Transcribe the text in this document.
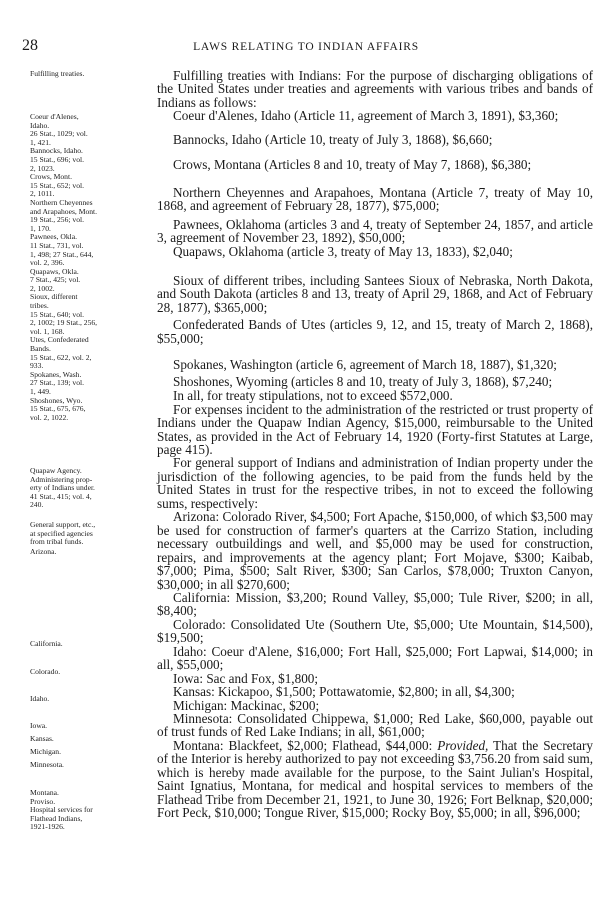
28	LAWS RELATING TO INDIAN AFFAIRS
Fulfilling treaties.
Coeur d'Alenes,
Idaho.
26 Stat., 1029; vol.
1, 421.
Bannocks, Idaho.
15 Stat., 696; vol.
2, 1023.
Crows, Mont.
15 Stat., 652; vol.
2, 1011.
Northern Cheyennes
and Arapahoes, Mont.
19 Stat., 256; vol.
1, 170.
Pawnees, Okla.
11 Stat., 731, vol.
1, 498; 27 Stat., 644,
vol. 2, 396.
Quapaws, Okla.
7 Stat., 425; vol.
2, 1002.
Sioux, different
tribes.
15 Stat., 640; vol.
2, 1002; 19 Stat., 256,
vol. 1, 168.
Utes, Confederated
Bands.
15 Stat., 622, vol. 2,
933.
Spokanes, Wash.
27 Stat., 139; vol.
1, 449.
Shoshones, Wyo.
15 Stat., 675, 676,
vol. 2, 1022.
Quapaw Agency.
Administering prop-
erty of Indians under.
41 Stat., 415; vol. 4,
240.
General support, etc.,
at specified agencies
from tribal funds.
Arizona.
California.
Colorado.
Idaho.
Iowa.
Kansas.
Michigan.
Minnesota.
Montana.
Proviso.
Hospital services for
Flathead Indians,
1921-1926.
Fulfilling treaties with Indians: For the purpose of discharging obligations of the United States under treaties and agreements with various tribes and bands of Indians as follows:
Coeur d'Alenes, Idaho (Article 11, agreement of March 3, 1891), $3,360;
Bannocks, Idaho (Article 10, treaty of July 3, 1868), $6,660;
Crows, Montana (Articles 8 and 10, treaty of May 7, 1868), $6,380;
Northern Cheyennes and Arapahoes, Montana (Article 7, treaty of May 10, 1868, and agreement of February 28, 1877), $75,000;
Pawnees, Oklahoma (articles 3 and 4, treaty of September 24, 1857, and article 3, agreement of November 23, 1892), $50,000;
Quapaws, Oklahoma (article 3, treaty of May 13, 1833), $2,040;
Sioux of different tribes, including Santees Sioux of Nebraska, North Dakota, and South Dakota (articles 8 and 13, treaty of April 29, 1868, and Act of February 28, 1877), $365,000;
Confederated Bands of Utes (articles 9, 12, and 15, treaty of March 2, 1868), $55,000;
Spokanes, Washington (article 6, agreement of March 18, 1887), $1,320;
Shoshones, Wyoming (articles 8 and 10, treaty of July 3, 1868), $7,240;
In all, for treaty stipulations, not to exceed $572,000.
For expenses incident to the administration of the restricted or trust property of Indians under the Quapaw Indian Agency, $15,000, reimbursable to the United States, as provided in the Act of February 14, 1920 (Forty-first Statutes at Large, page 415).
For general support of Indians and administration of Indian property under the jurisdiction of the following agencies, to be paid from the funds held by the United States in trust for the respective tribes, in not to exceed the following sums, respectively:
Arizona: Colorado River, $4,500; Fort Apache, $150,000, of which $3,500 may be used for construction of farmer's quarters at the Carrizo Station, including necessary outbuildings and well, and $5,000 may be used for construction, repairs, and improvements at the agency plant; Fort Mojave, $300; Kaibab, $7,000; Pima, $500; Salt River, $300; San Carlos, $78,000; Truxton Canyon, $30,000; in all $270,600;
California: Mission, $3,200; Round Valley, $5,000; Tule River, $200; in all, $8,400;
Colorado: Consolidated Ute (Southern Ute, $5,000; Ute Mountain, $14,500), $19,500;
Idaho: Coeur d'Alene, $16,000; Fort Hall, $25,000; Fort Lapwai, $14,000; in all, $55,000;
Iowa: Sac and Fox, $1,800;
Kansas: Kickapoo, $1,500; Pottawatomie, $2,800; in all, $4,300;
Michigan: Mackinac, $200;
Minnesota: Consolidated Chippewa, $1,000; Red Lake, $60,000, payable out of trust funds of Red Lake Indians; in all, $61,000;
Montana: Blackfeet, $2,000; Flathead, $44,000: Provided, That the Secretary of the Interior is hereby authorized to pay not exceeding $3,756.20 from said sum, which is hereby made available for the purpose, to the Saint Julian's Hospital, Saint Ignatius, Montana, for medical and hospital services to members of the Flathead Tribe from December 21, 1921, to June 30, 1926; Fort Belknap, $20,000; Fort Peck, $10,000; Tongue River, $15,000; Rocky Boy, $5,000; in all, $96,000;
